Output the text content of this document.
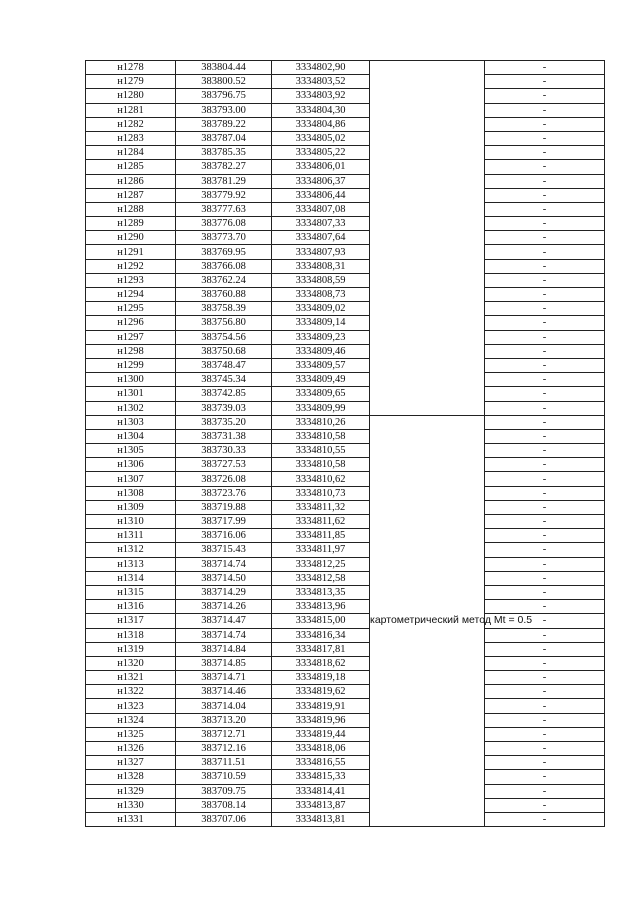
н1278	383804.44	3334802,90		-
н1279	383800.52	3334803,52		-
н1280	383796.75	3334803,92		-
н1281	383793.00	3334804,30		-
н1282	383789.22	3334804,86		-
н1283	383787.04	3334805,02		-
н1284	383785.35	3334805,22		-
н1285	383782.27	3334806,01		-
н1286	383781.29	3334806,37		-
н1287	383779.92	3334806,44		-
н1288	383777.63	3334807,08		-
н1289	383776.08	3334807,33		-
н1290	383773.70	3334807,64		-
н1291	383769.95	3334807,93		-
н1292	383766.08	3334808,31		-
н1293	383762.24	3334808,59		-
н1294	383760.88	3334808,73		-
н1295	383758.39	3334809,02		-
н1296	383756.80	3334809,14		-
н1297	383754.56	3334809,23		-
н1298	383750.68	3334809,46		-
н1299	383748.47	3334809,57		-
н1300	383745.34	3334809,49		-
н1301	383742.85	3334809,65		-
н1302	383739.03	3334809,99		-
н1303	383735.20	3334810,26	картометрический метод Mt = 0.5	-
н1304	383731.38	3334810,58		-
н1305	383730.33	3334810,55		-
н1306	383727.53	3334810,58		-
н1307	383726.08	3334810,62		-
н1308	383723.76	3334810,73		-
н1309	383719.88	3334811,32		-
н1310	383717.99	3334811,62		-
н1311	383716.06	3334811,85		-
н1312	383715.43	3334811,97		-
н1313	383714.74	3334812,25		-
н1314	383714.50	3334812,58		-
н1315	383714.29	3334813,35		-
н1316	383714.26	3334813,96		-
н1317	383714.47	3334815,00		-
н1318	383714.74	3334816,34		-
н1319	383714.84	3334817,81		-
н1320	383714.85	3334818,62		-
н1321	383714.71	3334819,18		-
н1322	383714.46	3334819,62		-
н1323	383714.04	3334819,91		-
н1324	383713.20	3334819,96		-
н1325	383712.71	3334819,44		-
н1326	383712.16	3334818,06		-
н1327	383711.51	3334816,55		-
н1328	383710.59	3334815,33		-
н1329	383709.75	3334814,41		-
н1330	383708.14	3334813,87		-
н1331	383707.06	3334813,81		-
